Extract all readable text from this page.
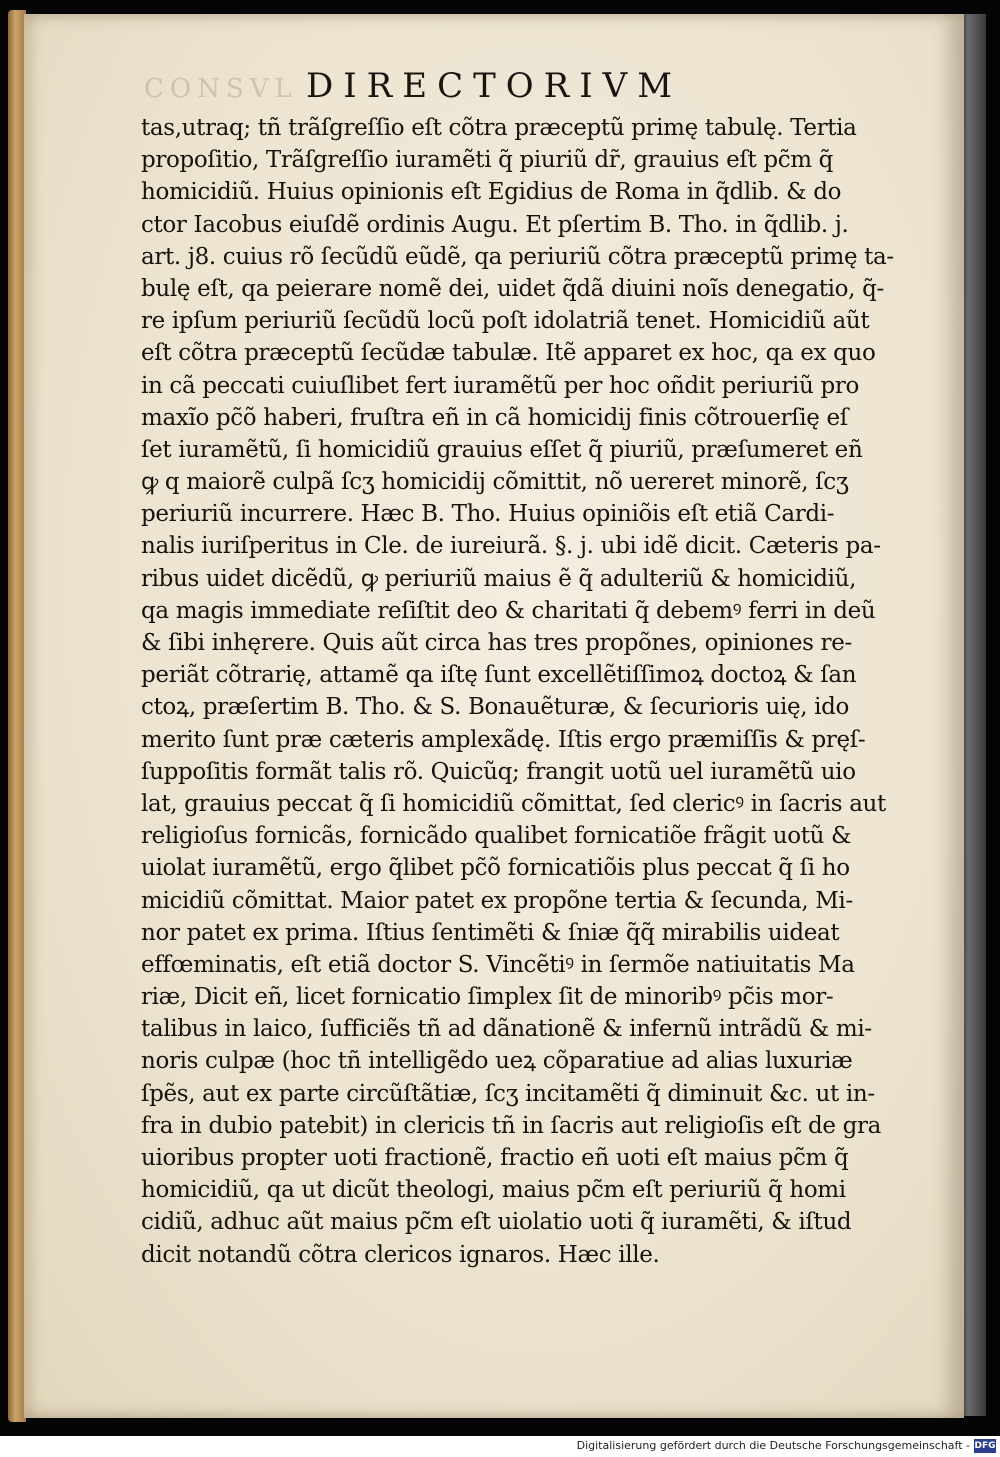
CONSVL DIRECTORIVM
tas,utraq; tñ trãſgreſſio eſt cõtra præceptũ primę tabulę. Tertia
propoſitio, Trãſgreſſio iuramẽti q̃ piuriũ dr̃, grauius eſt pc̃m q̃
homicidiũ. Huius opinionis eſt Egidius de Roma in q̃dlib. & do
ctor Iacobus eiuſdẽ ordinis Augu. Et pſertim B. Tho. in q̃dlib. j.
art. j8. cuius rõ ſecũdũ eũdẽ, qa periuriũ cõtra præceptũ primę ta-
bulę eſt, qa peierare nomẽ dei, uidet q̃dã diuini noĩs denegatio, q̃-
re ipſum periuriũ ſecũdũ locũ poſt idolatriã tenet. Homicidiũ aũt
eſt cõtra præceptũ ſecũdæ tabulæ. Itẽ apparet ex hoc, qa ex quo
in cã peccati cuiuſlibet fert iuramẽtũ per hoc oñdit periuriũ pro
maxĩo pc̃õ haberi, fruſtra eñ in cã homicidij finis cõtrouerſię eſ
ſet iuramẽtũ, ſi homicidiũ grauius eſſet q̃ piuriũ, præſumeret eñ
ꝙ q maiorẽ culpã ſcʒ homicidij cõmittit, nõ uereret minorẽ, ſcʒ
periuriũ incurrere. Hæc B. Tho. Huius opiniõis eſt etiã Cardi-
nalis iuriſperitus in Cle. de iureiurã. §. j. ubi idẽ dicit. Cæteris pa-
ribus uidet dicẽdũ, ꝙ periuriũ maius ẽ q̃ adulteriũ & homicidiũ,
qa magis immediate reſiſtit deo & charitati q̃ debemꝰ ferri in deũ
& ſibi inhęrere. Quis aũt circa has tres propõnes, opiniones re-
periãt cõtrarię, attamẽ qa iſtę ſunt excellẽtiſſimoꝝ doctoꝝ & ſan
ctoꝝ, præſertim B. Tho. & S. Bonauẽturæ, & ſecurioris uię, ido
merito ſunt præ cæteris amplexãdę. Iſtis ergo præmiſſis & pręſ-
ſuppoſitis formãt talis rõ. Quicũq; frangit uotũ uel iuramẽtũ uio
lat, grauius peccat q̃ ſi homicidiũ cõmittat, ſed clericꝰ in ſacris aut
religioſus fornicãs, fornicãdo qualibet fornicatiõe frãgit uotũ &
uiolat iuramẽtũ, ergo q̃libet pc̃õ fornicatiõis plus peccat q̃ ſi ho
micidiũ cõmittat. Maior patet ex propõne tertia & ſecunda, Mi-
nor patet ex prima. Iſtius ſentimẽti & ſniæ q̃q̃ mirabilis uideat
effœminatis, eſt etiã doctor S. Vincẽtiꝰ in ſermõe natiuitatis Ma
riæ, Dicit eñ, licet fornicatio ſimplex ſit de minoribꝰ pc̃is mor-
talibus in laico, ſufficiẽs tñ ad dãnationẽ & infernũ intrãdũ & mi-
noris culpæ (hoc tñ intelligẽdo ueꝝ cõparatiue ad alias luxuriæ
ſpẽs, aut ex parte circũſtãtiæ, ſcʒ incitamẽti q̃ diminuit &c. ut in-
fra in dubio patebit) in clericis tñ in ſacris aut religioſis eſt de gra
uioribus propter uoti fractionẽ, fractio eñ uoti eſt maius pc̃m q̃
homicidiũ, qa ut dicũt theologi, maius pc̃m eſt periuriũ q̃ homi
cidiũ, adhuc aũt maius pc̃m eſt uiolatio uoti q̃ iuramẽti, & iſtud
dicit notandũ cõtra clericos ignaros. Hæc ille.
Digitalisierung gefördert durch die Deutsche Forschungsgemeinschaft - DFG
